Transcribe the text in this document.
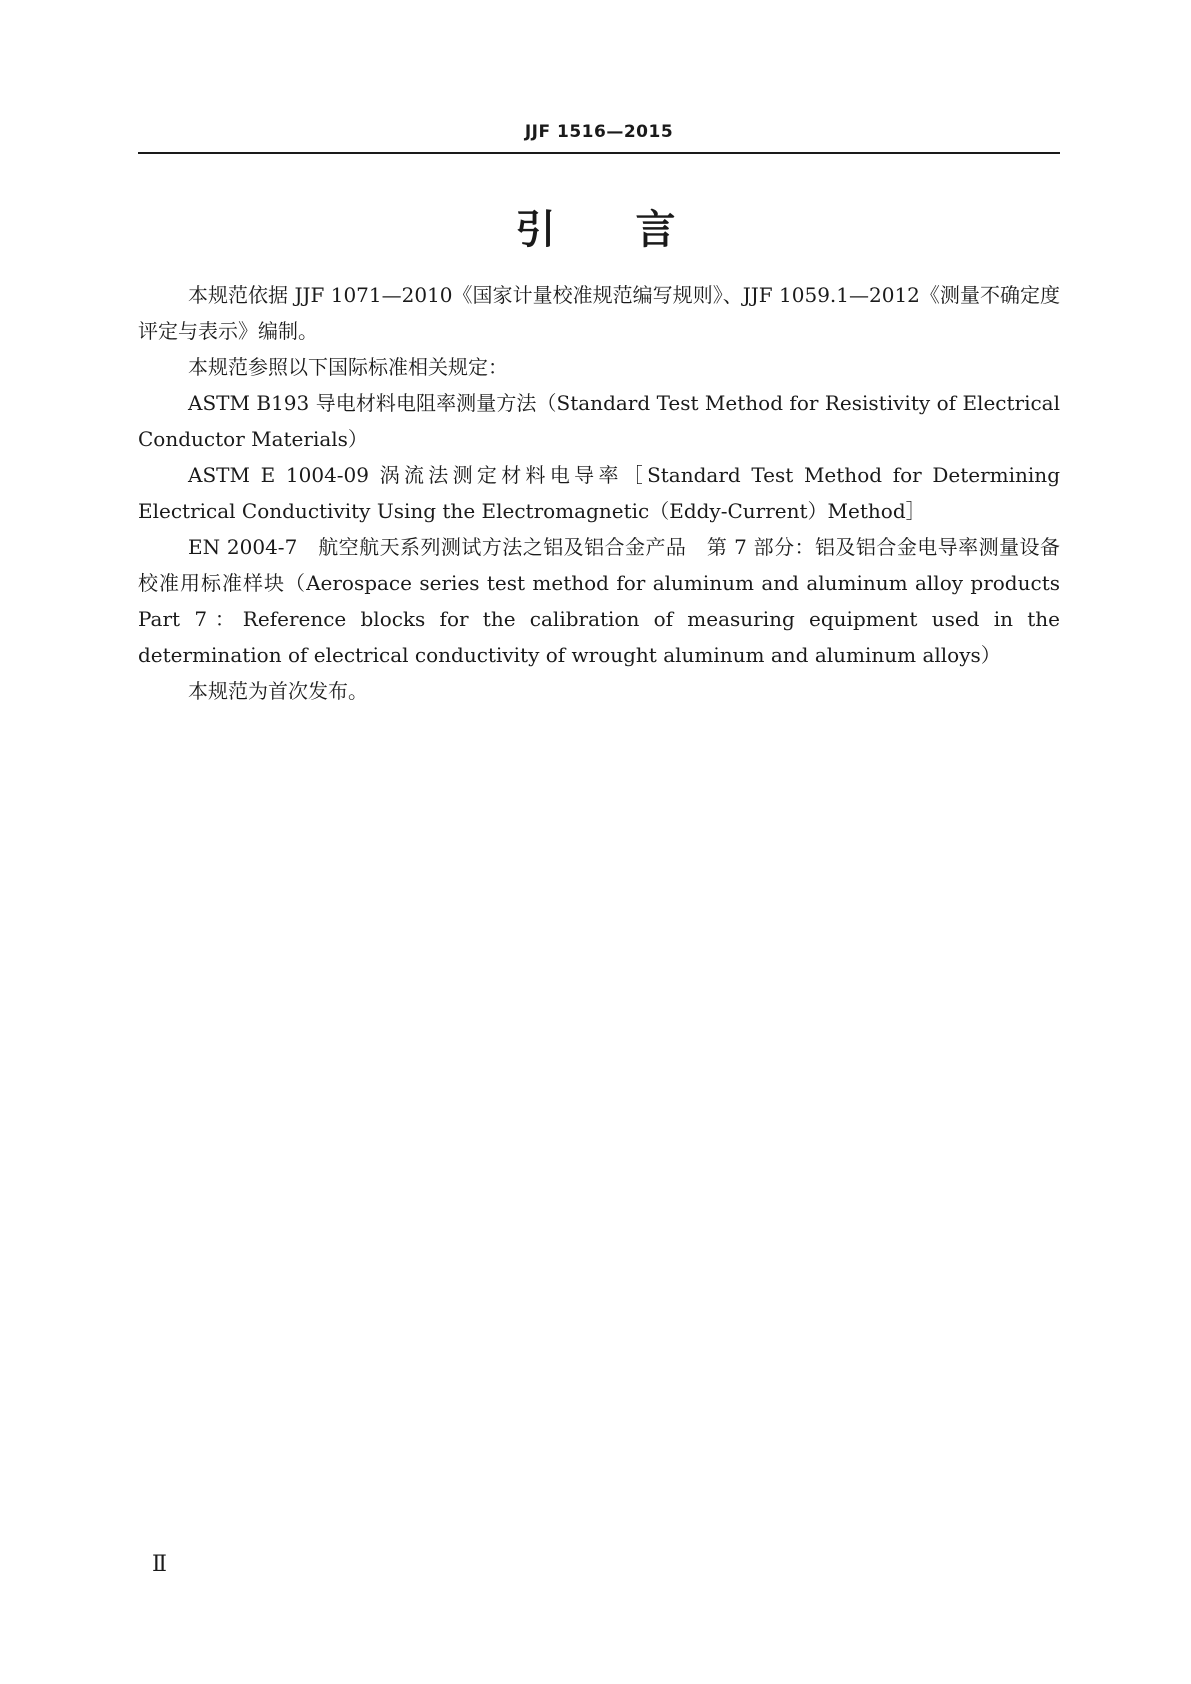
JJF 1516—2015
引言

本规范依据 JJF 1071—2010《国家计量校准规范编写规则》、JJF 1059.1—2012《测量不确定度评定与表示》编制。

本规范参照以下国际标准相关规定：

ASTM B193 导电材料电阻率测量方法（Standard Test Method for Resistivity of Electrical Conductor Materials）

ASTM E 1004-09 涡流法测定材料电导率［Standard Test Method for Determining Electrical Conductivity Using the Electromagnetic（Eddy-Current）Method］

EN 2004-7　航空航天系列测试方法之铝及铝合金产品　第 7 部分：铝及铝合金电导率测量设备校准用标准样块（Aerospace series test method for aluminum and aluminum alloy products Part 7：Reference blocks for the calibration of measuring equipment used in the determination of electrical conductivity of wrought aluminum and aluminum alloys）

本规范为首次发布。

Ⅱ
